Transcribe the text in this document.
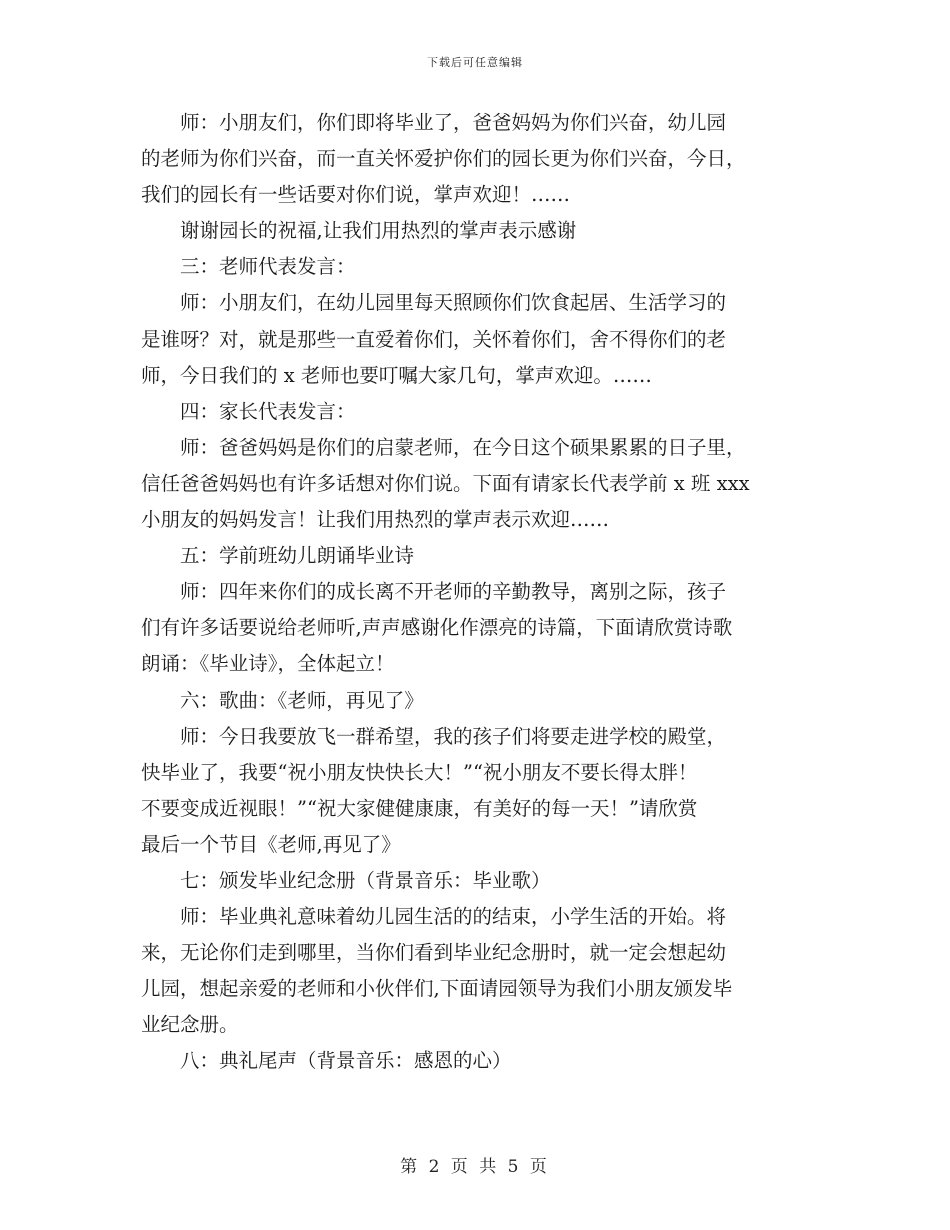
下载后可任意编辑

师：小朋友们，你们即将毕业了，爸爸妈妈为你们兴奋，幼儿园
的老师为你们兴奋，而一直关怀爱护你们的园长更为你们兴奋，今日，
我们的园长有一些话要对你们说，掌声欢迎！……

谢谢园长的祝福,让我们用热烈的掌声表示感谢

三：老师代表发言：

师：小朋友们，在幼儿园里每天照顾你们饮食起居、生活学习的
是谁呀？对，就是那些一直爱着你们，关怀着你们，舍不得你们的老
师，今日我们的 x 老师也要叮嘱大家几句，掌声欢迎。……

四：家长代表发言：

师：爸爸妈妈是你们的启蒙老师，在今日这个硕果累累的日子里，
信任爸爸妈妈也有许多话想对你们说。下面有请家长代表学前 x 班 xxx
小朋友的妈妈发言！让我们用热烈的掌声表示欢迎……

五：学前班幼儿朗诵毕业诗

师：四年来你们的成长离不开老师的辛勤教导，离别之际，孩子
们有许多话要说给老师听,声声感谢化作漂亮的诗篇，下面请欣赏诗歌
朗诵：《毕业诗》，全体起立！

六：歌曲：《老师，再见了》

师：今日我要放飞一群希望，我的孩子们将要走进学校的殿堂，
快毕业了，我要“祝小朋友快快长大！”“祝小朋友不要长得太胖！
不要变成近视眼！”“祝大家健健康康，有美好的每一天！”请欣赏
最后一个节目《老师,再见了》

七：颁发毕业纪念册（背景音乐：毕业歌）

师：毕业典礼意味着幼儿园生活的的结束，小学生活的开始。将
来，无论你们走到哪里，当你们看到毕业纪念册时，就一定会想起幼
儿园，想起亲爱的老师和小伙伴们,下面请园领导为我们小朋友颁发毕
业纪念册。

八：典礼尾声（背景音乐：感恩的心）

第 2 页 共 5 页
